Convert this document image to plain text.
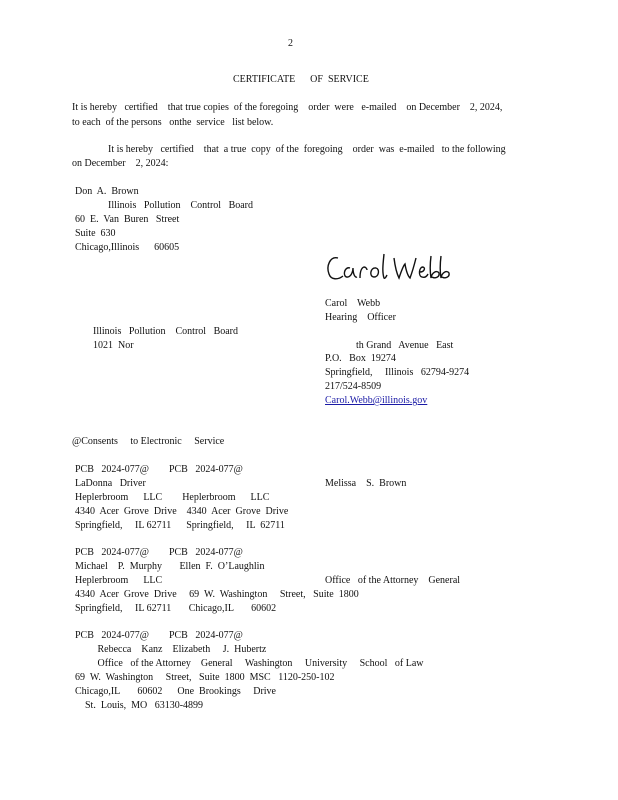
2
CERTIFICATE      OF  SERVICE
It is hereby   certified    that true copies  of the foregoing    order  were   e-mailed    on December    2, 2024,
to each  of the persons   onthe  service   list below.
It is hereby   certified    that  a true  copy  of the  foregoing    order  was  e-mailed   to the following
on December    2, 2024:
Don  A.  Brown
Illinois   Pollution    Control   Board
60  E.  Van  Buren   Street
Suite  630
Chicago,Illinois      60605
Carol    Webb
Hearing    Officer
Illinois   Pollution    Control   Board
1021  Nor	th Grand   Avenue   East
P.O.   Box  19274
Springfield,     Illinois   62794-9274
217/524-8509
Carol.Webb@illinois.gov
@Consents     to Electronic     Service
PCB   2024-077@        PCB   2024-077@
LaDonna   Driver	Melissa    S.  Brown
Heplerbroom      LLC        Heplerbroom      LLC
4340  Acer  Grove  Drive    4340  Acer  Grove  Drive
Springfield,     IL 62711      Springfield,     IL  62711
PCB   2024-077@        PCB   2024-077@
Michael    P.  Murphy       Ellen  F.  O’Laughlin
Heplerbroom      LLC	Office   of the Attorney    General
4340  Acer  Grove  Drive     69  W.  Washington     Street,   Suite  1800
Springfield,     IL 62711       Chicago,IL       60602
PCB   2024-077@        PCB   2024-077@
Rebecca    Kanz    Elizabeth     J.  Hubertz
Office   of the Attorney    General     Washington     University     School   of Law
69  W.  Washington     Street,   Suite  1800  MSC   1120-250-102
Chicago,IL       60602      One  Brookings     Drive
St.  Louis,  MO   63130-4899
